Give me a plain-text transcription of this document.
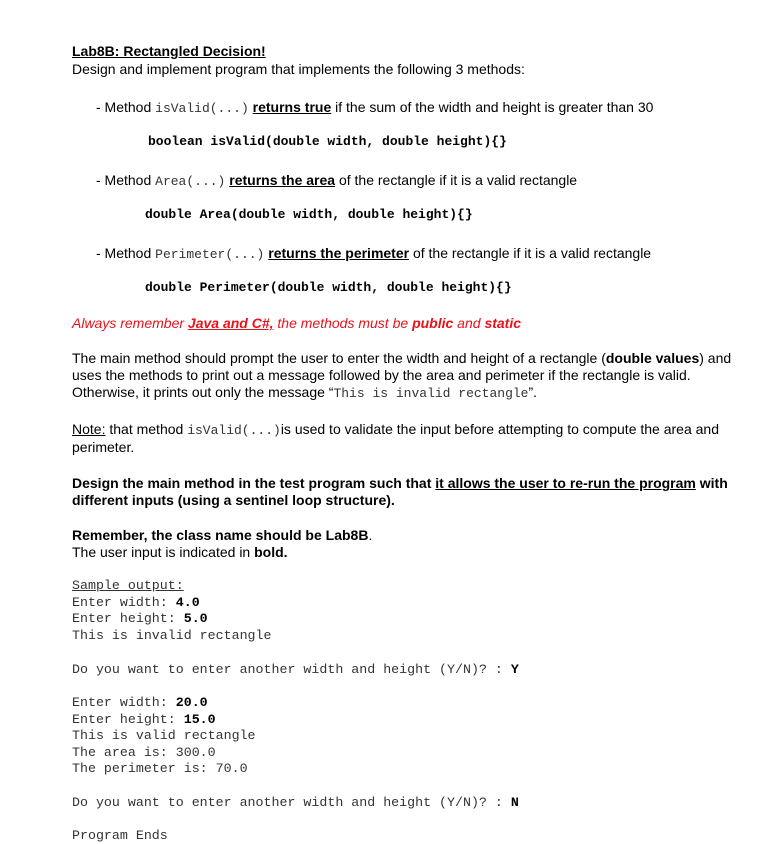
Lab8B: Rectangled Decision!
Design and implement program that implements the following 3 methods:
- Method isValid(...) returns true if the sum of the width and height is greater than 30
boolean isValid(double width, double height){}
- Method Area(...) returns the area of the rectangle if it is a valid rectangle
double Area(double width, double height){}
- Method Perimeter(...) returns the perimeter of the rectangle if it is a valid rectangle
double Perimeter(double width, double height){}
Always remember Java and C#, the methods must be public and static
The main method should prompt the user to enter the width and height of a rectangle (double values) and uses the methods to print out a message followed by the area and perimeter if the rectangle is valid. Otherwise, it prints out only the message “This is invalid rectangle”.
Note: that method isValid(...)is used to validate the input before attempting to compute the area and perimeter.
Design the main method in the test program such that it allows the user to re-run the program with different inputs (using a sentinel loop structure).
Remember, the class name should be Lab8B.
The user input is indicated in bold.
Sample output:
Enter width: 4.0
Enter height: 5.0
This is invalid rectangle
Do you want to enter another width and height (Y/N)? : Y
Enter width: 20.0
Enter height: 15.0
This is valid rectangle
The area is: 300.0
The perimeter is: 70.0
Do you want to enter another width and height (Y/N)? : N
Program Ends
